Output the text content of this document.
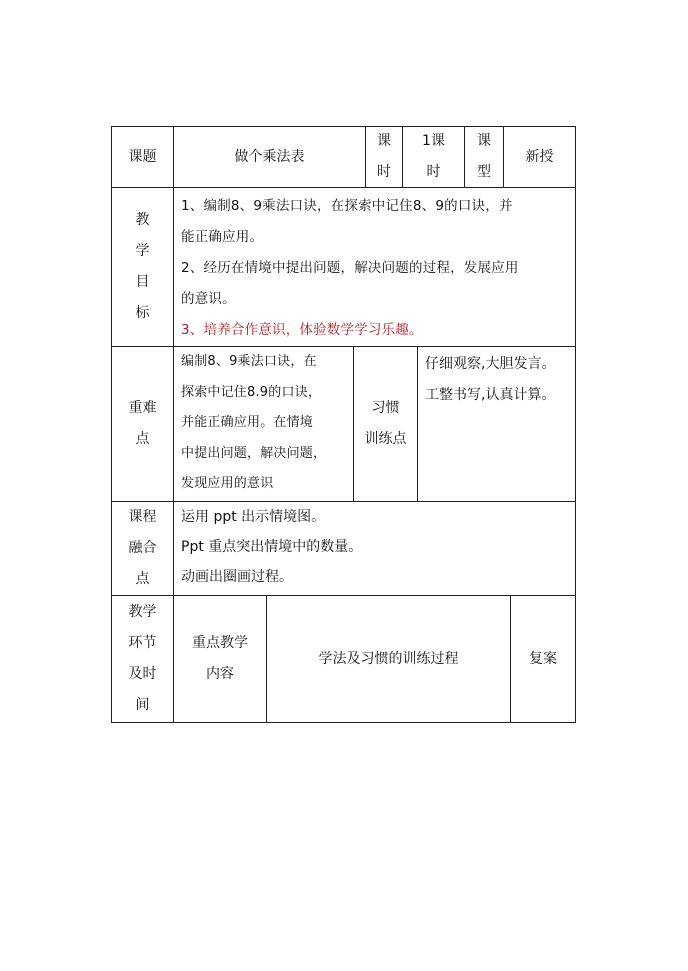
课题	做个乘法表
课
时
1课
时
课
型
教
学
目
标
1、编制8、9乘法口诀，在探索中记住8、9的口诀，并
能正确应用。
2、经历在情境中提出问题，解决问题的过程，发展应用
的意识。
3、培养合作意识，体验数学学习乐趣。
重难
点
编制8、9乘法口诀，在
探索中记住8.9的口诀，
并能正确应用。在情境
中提出问题，解决问题，
发现应用的意识
习惯
训练点
仔细观察,大胆发言。
工整书写,认真计算。
课程
融合
点
运用 ppt 出示情境图。
Ppt 重点突出情境中的数量。
动画出圈画过程。
教学
环节
及时
间
重点教学
内容
学法及习惯的训练过程	复案
新授
